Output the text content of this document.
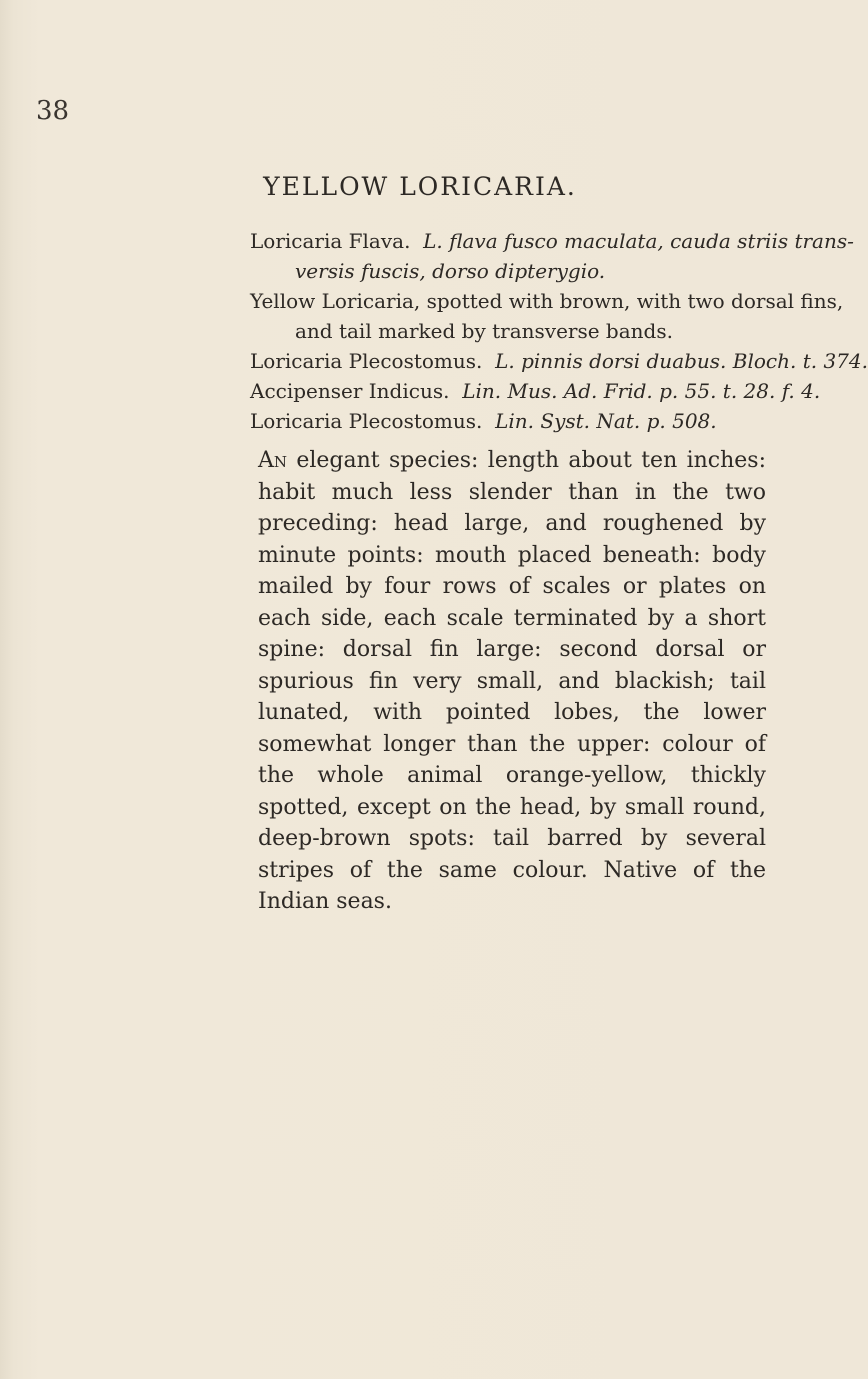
38
YELLOW LORICARIA.
Loricaria Flava. L. flava fusco maculata, cauda striis trans-
versis fuscis, dorso dipterygio.
Yellow Loricaria, spotted with brown, with two dorsal fins,
and tail marked by transverse bands.
Loricaria Plecostomus. L. pinnis dorsi duabus. Bloch. t. 374.
Accipenser Indicus. Lin. Mus. Ad. Frid. p. 55. t. 28. f. 4.
Loricaria Plecostomus. Lin. Syst. Nat. p. 508.
An elegant species: length about ten inches: habit much less slender than in the two preceding: head large, and roughened by minute points: mouth placed beneath: body mailed by four rows of scales or plates on each side, each scale terminated by a short spine: dorsal fin large: second dorsal or spurious fin very small, and blackish; tail lunated, with pointed lobes, the lower somewhat longer than the upper: colour of the whole animal orange-yellow, thickly spotted, except on the head, by small round, deep-brown spots: tail barred by several stripes of the same colour. Native of the Indian seas.
